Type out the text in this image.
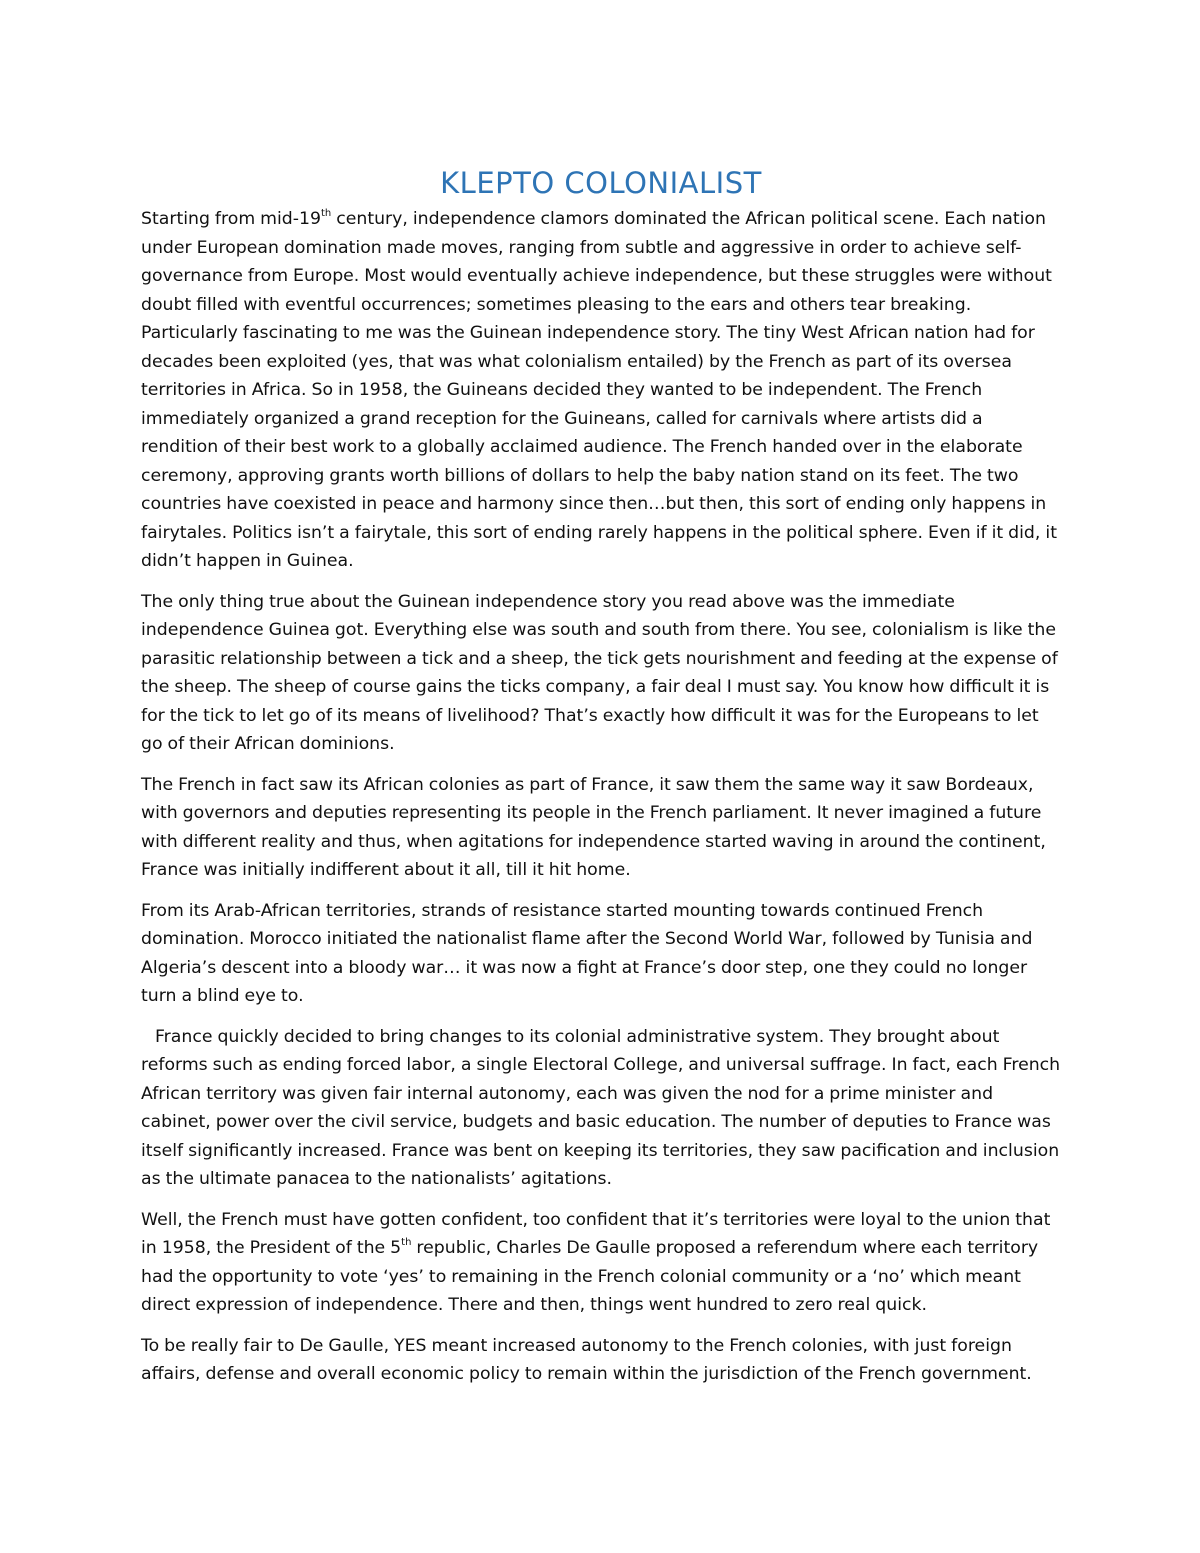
KLEPTO COLONIALIST

Starting from mid-19th century, independence clamors dominated the African political scene. Each nation under European domination made moves, ranging from subtle and aggressive in order to achieve self-governance from Europe. Most would eventually achieve independence, but these struggles were without doubt filled with eventful occurrences; sometimes pleasing to the ears and others tear breaking. Particularly fascinating to me was the Guinean independence story. The tiny West African nation had for decades been exploited (yes, that was what colonialism entailed) by the French as part of its oversea territories in Africa. So in 1958, the Guineans decided they wanted to be independent. The French immediately organized a grand reception for the Guineans, called for carnivals where artists did a rendition of their best work to a globally acclaimed audience. The French handed over in the elaborate ceremony, approving grants worth billions of dollars to help the baby nation stand on its feet. The two countries have coexisted in peace and harmony since then…but then, this sort of ending only happens in fairytales. Politics isn’t a fairytale, this sort of ending rarely happens in the political sphere. Even if it did, it didn’t happen in Guinea.

The only thing true about the Guinean independence story you read above was the immediate independence Guinea got. Everything else was south and south from there. You see, colonialism is like the parasitic relationship between a tick and a sheep, the tick gets nourishment and feeding at the expense of the sheep. The sheep of course gains the ticks company, a fair deal I must say. You know how difficult it is for the tick to let go of its means of livelihood? That’s exactly how difficult it was for the Europeans to let go of their African dominions.

The French in fact saw its African colonies as part of France, it saw them the same way it saw Bordeaux, with governors and deputies representing its people in the French parliament. It never imagined a future with different reality and thus, when agitations for independence started waving in around the continent, France was initially indifferent about it all, till it hit home.

From its Arab-African territories, strands of resistance started mounting towards continued French domination. Morocco initiated the nationalist flame after the Second World War, followed by Tunisia and Algeria’s descent into a bloody war… it was now a fight at France’s door step, one they could no longer turn a blind eye to.

France quickly decided to bring changes to its colonial administrative system. They brought about reforms such as ending forced labor, a single Electoral College, and universal suffrage. In fact, each French African territory was given fair internal autonomy, each was given the nod for a prime minister and cabinet, power over the civil service, budgets and basic education. The number of deputies to France was itself significantly increased. France was bent on keeping its territories, they saw pacification and inclusion as the ultimate panacea to the nationalists’ agitations.

Well, the French must have gotten confident, too confident that it’s territories were loyal to the union that in 1958, the President of the 5th republic, Charles De Gaulle proposed a referendum where each territory had the opportunity to vote ‘yes’ to remaining in the French colonial community or a ‘no’ which meant direct expression of independence. There and then, things went hundred to zero real quick.

To be really fair to De Gaulle, YES meant increased autonomy to the French colonies, with just foreign affairs, defense and overall economic policy to remain within the jurisdiction of the French government.
